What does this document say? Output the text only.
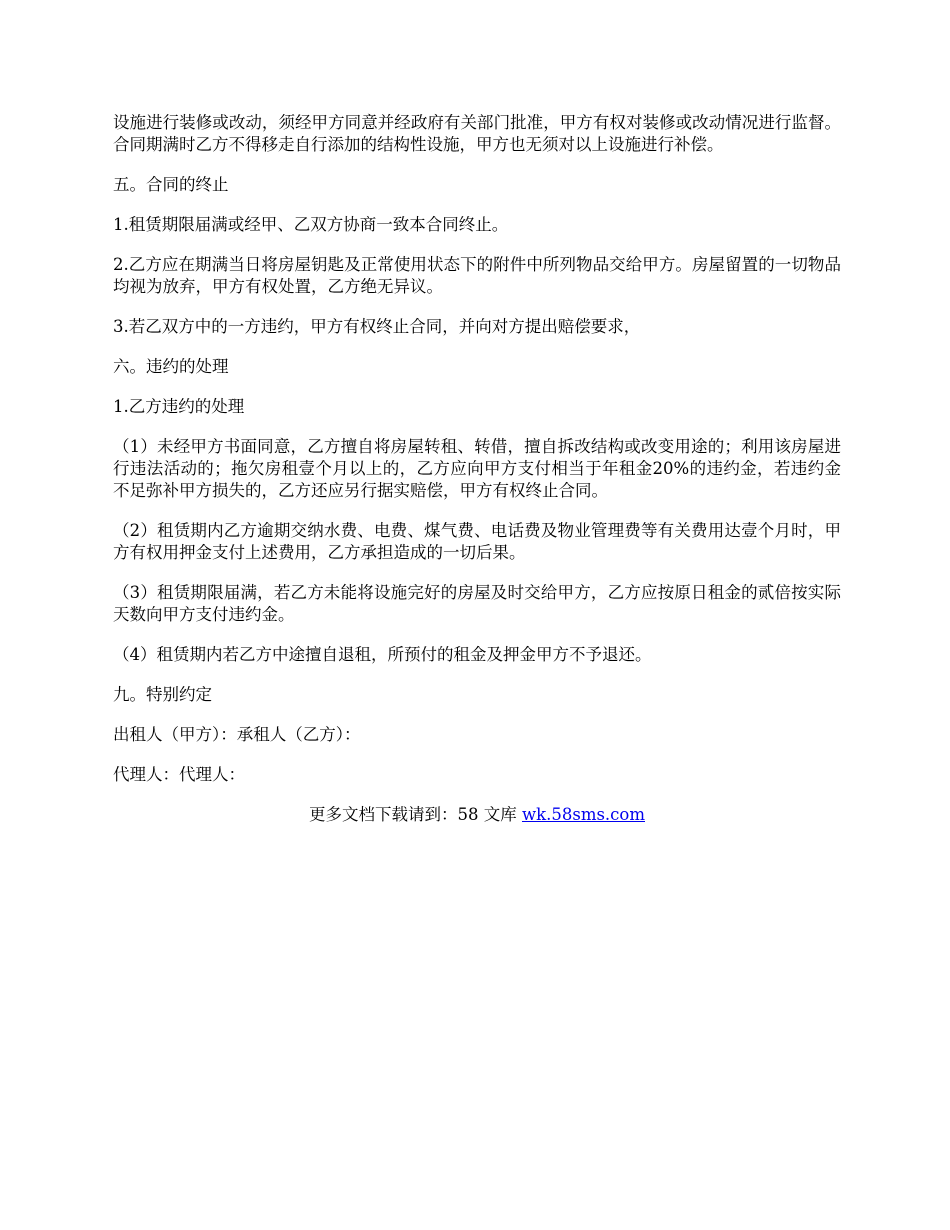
设施进行装修或改动，须经甲方同意并经政府有关部门批准，甲方有权对装修或改动情况进行监督。合同期满时乙方不得移走自行添加的结构性设施，甲方也无须对以上设施进行补偿。

五。合同的终止

1.租赁期限届满或经甲、乙双方协商一致本合同终止。

2.乙方应在期满当日将房屋钥匙及正常使用状态下的附件中所列物品交给甲方。房屋留置的一切物品均视为放弃，甲方有权处置，乙方绝无异议。

3.若乙双方中的一方违约，甲方有权终止合同，并向对方提出赔偿要求，

六。违约的处理

1.乙方违约的处理

（1）未经甲方书面同意，乙方擅自将房屋转租、转借，擅自拆改结构或改变用途的；利用该房屋进行违法活动的；拖欠房租壹个月以上的，乙方应向甲方支付相当于年租金20%的违约金，若违约金不足弥补甲方损失的，乙方还应另行据实赔偿，甲方有权终止合同。

（2）租赁期内乙方逾期交纳水费、电费、煤气费、电话费及物业管理费等有关费用达壹个月时，甲方有权用押金支付上述费用，乙方承担造成的一切后果。

（3）租赁期限届满，若乙方未能将设施完好的房屋及时交给甲方，乙方应按原日租金的贰倍按实际天数向甲方支付违约金。

（4）租赁期内若乙方中途擅自退租，所预付的租金及押金甲方不予退还。

九。特别约定

出租人（甲方）：承租人（乙方）：

代理人：代理人：

更多文档下载请到：58 文库 wk.58sms.com
